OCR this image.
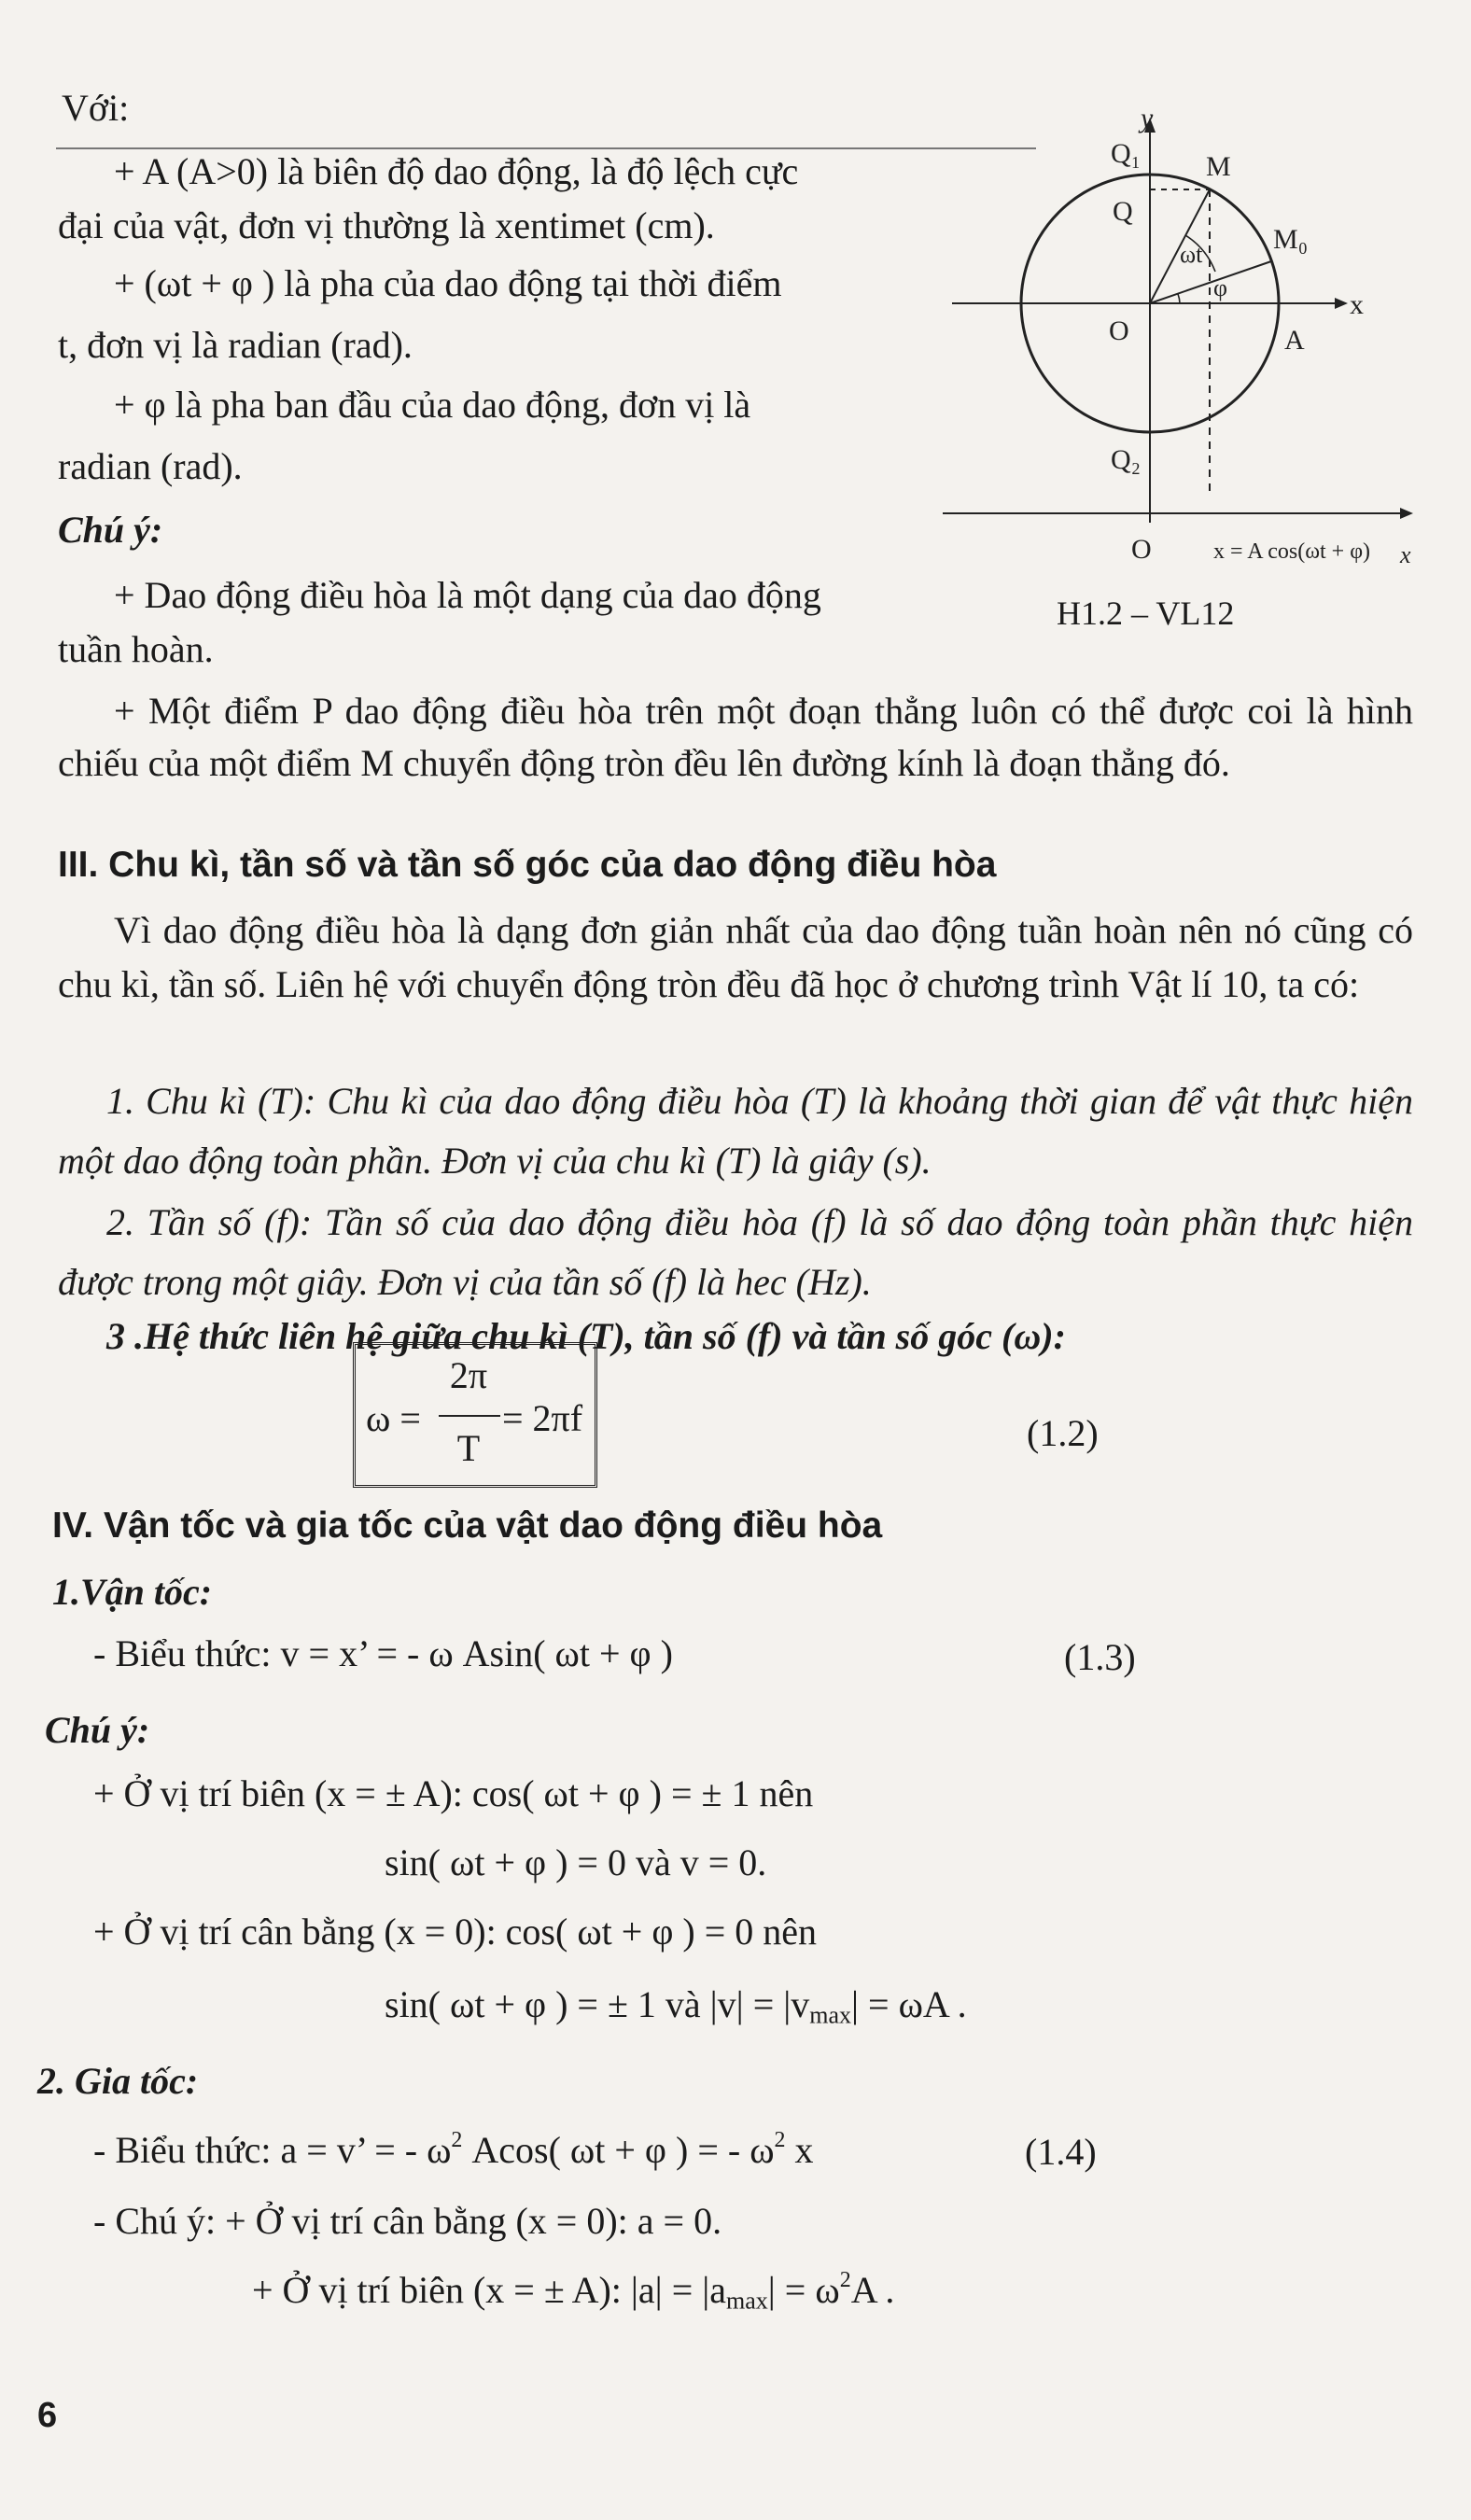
Với:
+ A (A>0) là biên độ dao động, là độ lệch cực
đại của vật, đơn vị thường là xentimet (cm).
+ (ωt + φ ) là pha của dao động tại thời điểm
t, đơn vị là radian (rad).
+ φ là pha ban đầu của dao động, đơn vị là
radian (rad).
Chú ý:
+ Dao động điều hòa là một dạng của dao động
tuần hoàn.
+ Một điểm P dao động điều hòa trên một đoạn thẳng luôn có thể được coi là hình chiếu của một điểm M chuyển động tròn đều lên đường kính là đoạn thẳng đó.
y
Q₁ M
Q
M₀
ωt
φ
x
O	A
Q₂
O	x = A cos(ωt + φ) x
H1.2 – VL12
III. Chu kì, tần số và tần số góc của dao động điều hòa
Vì dao động điều hòa là dạng đơn giản nhất của dao động tuần hoàn nên nó cũng có chu kì, tần số. Liên hệ với chuyển động tròn đều đã học ở chương trình Vật lí 10, ta có:
1. Chu kì (T): Chu kì của dao động điều hòa (T) là khoảng thời gian để vật thực hiện một dao động toàn phần. Đơn vị của chu kì (T) là giây (s).
2. Tần số (f): Tần số của dao động điều hòa (f) là số dao động toàn phần thực hiện được trong một giây. Đơn vị của tần số (f) là hec (Hz).
3 .Hệ thức liên hệ giữa chu kì (T), tần số (f) và tần số góc (ω):
ω =
2π
T
= 2πf	(1.2)
IV. Vận tốc và gia tốc của vật dao động điều hòa
1.Vận tốc:
- Biểu thức: v = x’ = - ω Asin( ωt + φ )	(1.3)
Chú ý:
+ Ở vị trí biên (x = ± A): cos( ωt + φ ) = ± 1 nên
sin( ωt + φ ) = 0 và v = 0.
+ Ở vị trí cân bằng (x = 0): cos( ωt + φ ) = 0 nên
sin( ωt + φ ) = ± 1 và $|v| = |v_{max}| = \omega A$ .
2. Gia tốc:
- Biểu thức: a = v’ = - $\omega^2$ Acos( ωt + φ ) = - $\omega^2$ x	(1.4)
- Chú ý: + Ở vị trí cân bằng (x = 0): a = 0.
+ Ở vị trí biên (x = ± A): $|a| = |a_{max}| = \omega^2A$ .
6
